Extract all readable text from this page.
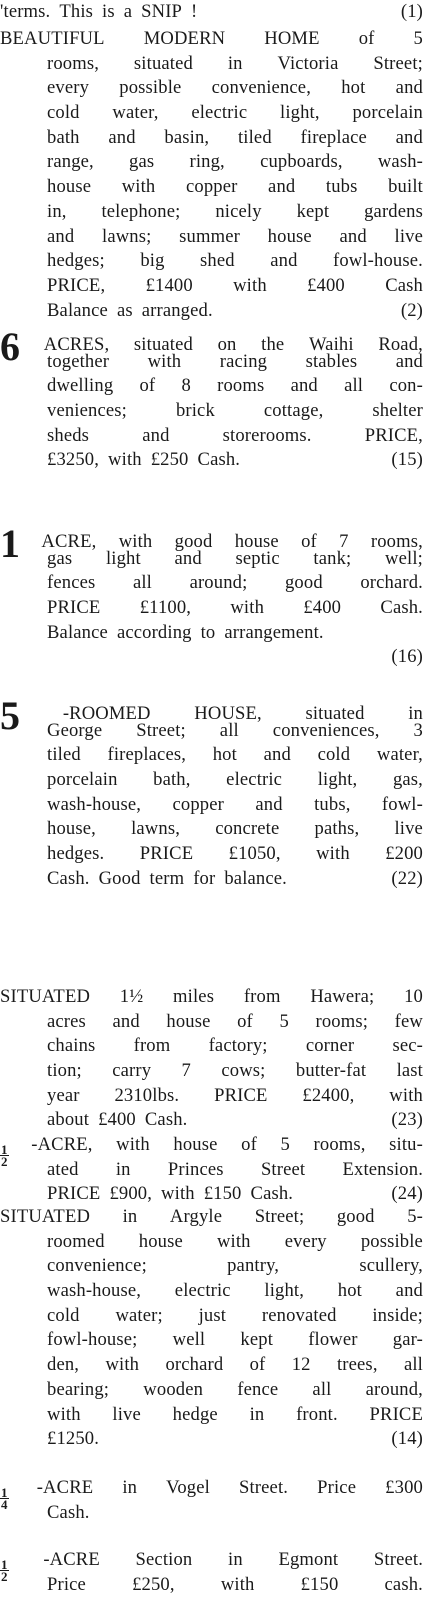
'terms. This is a SNIP !	(1)
BEAUTIFUL MODERN HOME of 5
rooms, situated in Victoria Street;
every possible convenience, hot and
cold water, electric light, porcelain
bath and basin, tiled fireplace and
range, gas ring, cupboards, wash-
house with copper and tubs built
in, telephone; nicely kept gardens
and lawns; summer house and live
hedges; big shed and fowl-house.
PRICE, £1400 with £400 Cash
Balance as arranged.	(2)
6 ACRES, situated on the Waihi Road,
together with racing stables and
dwelling of 8 rooms and all con-
veniences;	brick	cottage,	shelter
sheds	and	storerooms.	PRICE,
£3250, with £250 Cash.	(15)
1 ACRE, with good house of 7 rooms,
gas light and septic tank; well;
fences all around; good orchard.
PRICE £1100, with £400 Cash.
Balance according to arrangement.
(16)
5 -ROOMED HOUSE, situated in
George Street; all conveniences, 3
tiled fireplaces, hot and cold water,
porcelain bath, electric light, gas,
wash-house, copper and tubs, fowl-
house, lawns, concrete paths, live
hedges. PRICE £1050, with £200
Cash. Good term for balance.	(22)
SITUATED 1½ miles from Hawera; 10
acres and house of 5 rooms; few
chains from factory; corner sec-
tion; carry 7 cows; butter-fat last
year 2310lbs. PRICE £2400, with
about £400 Cash.	(23)
$\frac{1}{2}$ -ACRE, with house of 5 rooms, situ-
ated in Princes Street Extension.
PRICE £900, with £150 Cash.	(24)
SITUATED in Argyle Street; good 5-
roomed house with every possible
convenience;	pantry,	scullery,
wash-house, electric light, hot and
cold water; just renovated inside;
fowl-house; well kept flower gar-
den, with orchard of 12 trees, all
bearing; wooden fence all around,
with live hedge in front. PRICE
£1250.	(14)
$\frac{1}{4}$ -ACRE in Vogel Street. Price £300
Cash.
$\frac{1}{2}$ -ACRE Section in Egmont Street.
Price £250, with £150 cash.
